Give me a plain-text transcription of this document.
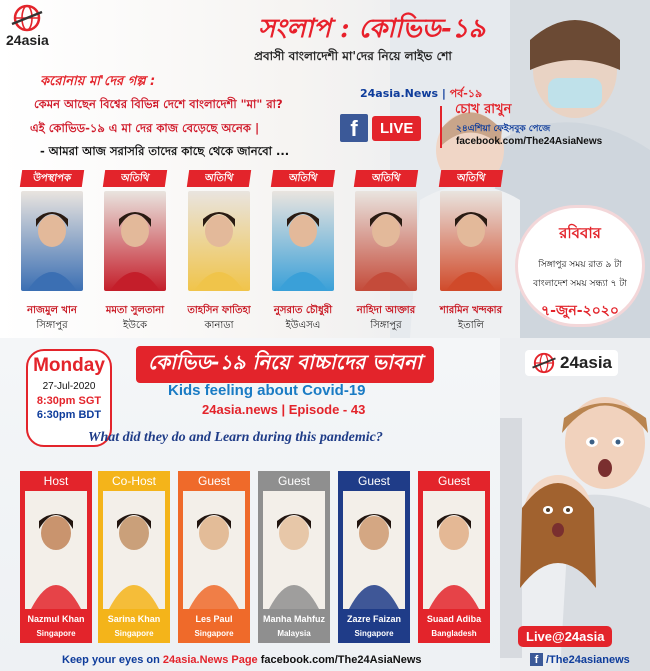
24asia	সংলাপ : কোভিড-১৯
প্রবাসী বাংলাদেশী মা'দের নিয়ে লাইভ শো
করোনায় মা'দের গল্প :
কেমন আছেন বিশ্বের বিভিন্ন দেশে বাংলাদেশী "মা" রা?
এই কোভিড-১৯ এ মা দের কাজ বেড়েছে অনেক |
- আমরা আজ সরাসরি তাদের কাছে থেকে জানবো ...
24asia.News | পর্ব-১৯
f	LIVE
চোখ রাখুন
২৪এশিয়া ফেইসবুক পেজে
facebook.com/The24AsiaNews
উপস্থাপক
নাজমুল খান
সিঙ্গাপুর
অতিথি
মমতা সুলতানা
ইউকে
অতিথি
তাহসিন ফাতিহা
কানাডা
অতিথি
নুসরাত চৌধুরী
ইউএসএ
অতিথি
নাহিদা আক্তার
সিঙ্গাপুর
অতিথি
শারমিন খন্দকার
ইতালি
রবিবার
সিঙ্গাপুর সময় রাত ৯ টা
বাংলাদেশ সময় সন্ধ্যা ৭ টা
৭-জুন-২০২০
24asia
Monday
27-Jul-2020
8:30pm SGT
6:30pm BDT
কোভিড-১৯ নিয়ে বাচ্চাদের ভাবনা
Kids feeling about Covid-19
24asia.news | Episode - 43
What did they do and Learn during this pandemic?
Host
Nazmul Khan
Singapore
Co-Host
Sarina Khan
Singapore
Guest
Les Paul
Singapore
Guest
Manha Mahfuz
Malaysia
Guest
Zazre Faizan
Singapore
Guest
Suaad Adiba
Bangladesh	Live@24asia
Keep your eyes on 24asia.News Page facebook.com/The24AsiaNews	f /The24asianews
